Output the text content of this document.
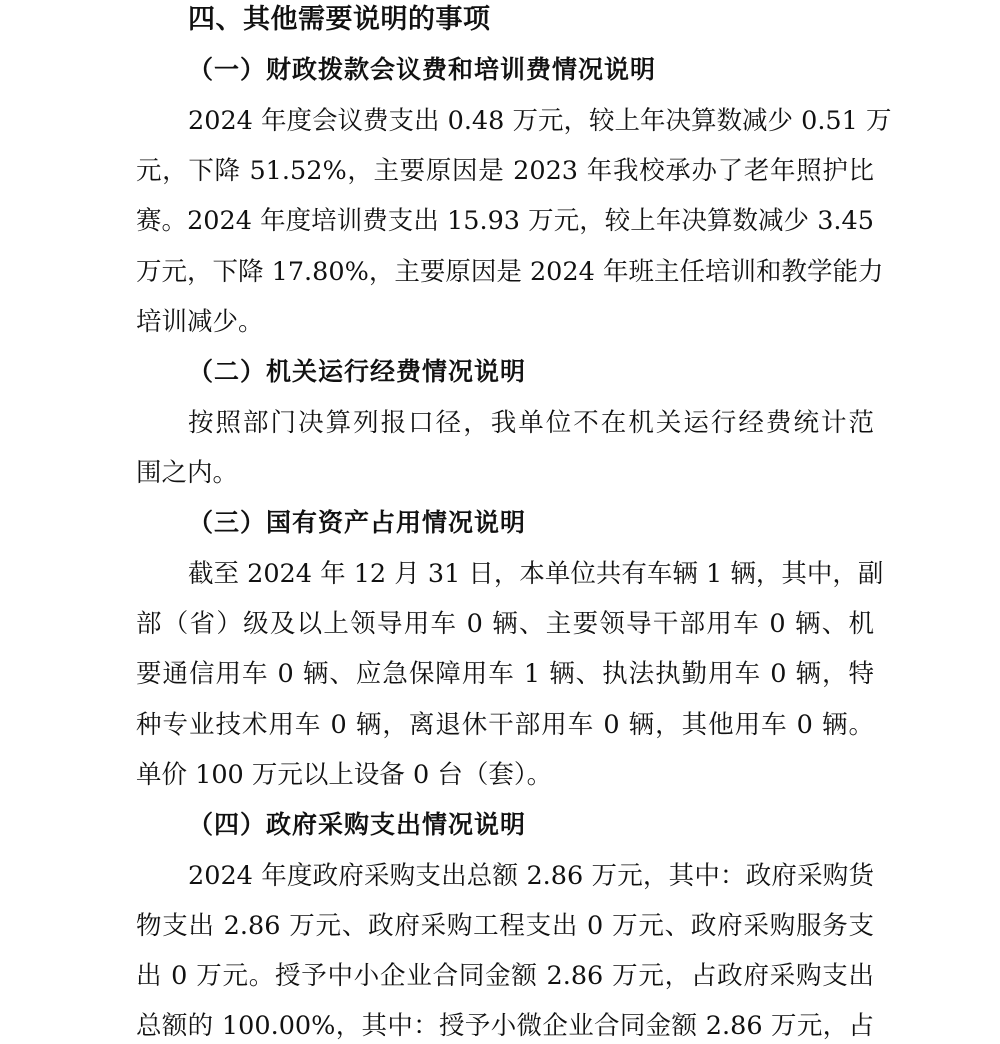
四、其他需要说明的事项
（一）财政拨款会议费和培训费情况说明

2024 年度会议费支出 0.48 万元，较上年决算数减少 0.51 万

元，下降 51.52%，主要原因是 2023 年我校承办了老年照护比

赛。2024 年度培训费支出 15.93 万元，较上年决算数减少 3.45

万元，下降 17.80%，主要原因是 2024 年班主任培训和教学能力

培训减少。

（二）机关运行经费情况说明

按照部门决算列报口径，我单位不在机关运行经费统计范

围之内。

（三）国有资产占用情况说明

截至 2024 年 12 月 31 日，本单位共有车辆 1 辆，其中，副

部（省）级及以上领导用车 0 辆、主要领导干部用车 0 辆、机

要通信用车 0 辆、应急保障用车 1 辆、执法执勤用车 0 辆，特

种专业技术用车 0 辆，离退休干部用车 0 辆，其他用车 0 辆。

单价 100 万元以上设备 0 台（套）。

（四）政府采购支出情况说明

2024 年度政府采购支出总额 2.86 万元，其中：政府采购货

物支出 2.86 万元、政府采购工程支出 0 万元、政府采购服务支

出 0 万元。授予中小企业合同金额 2.86 万元，占政府采购支出

总额的 100.00%，其中：授予小微企业合同金额 2.86 万元，占
